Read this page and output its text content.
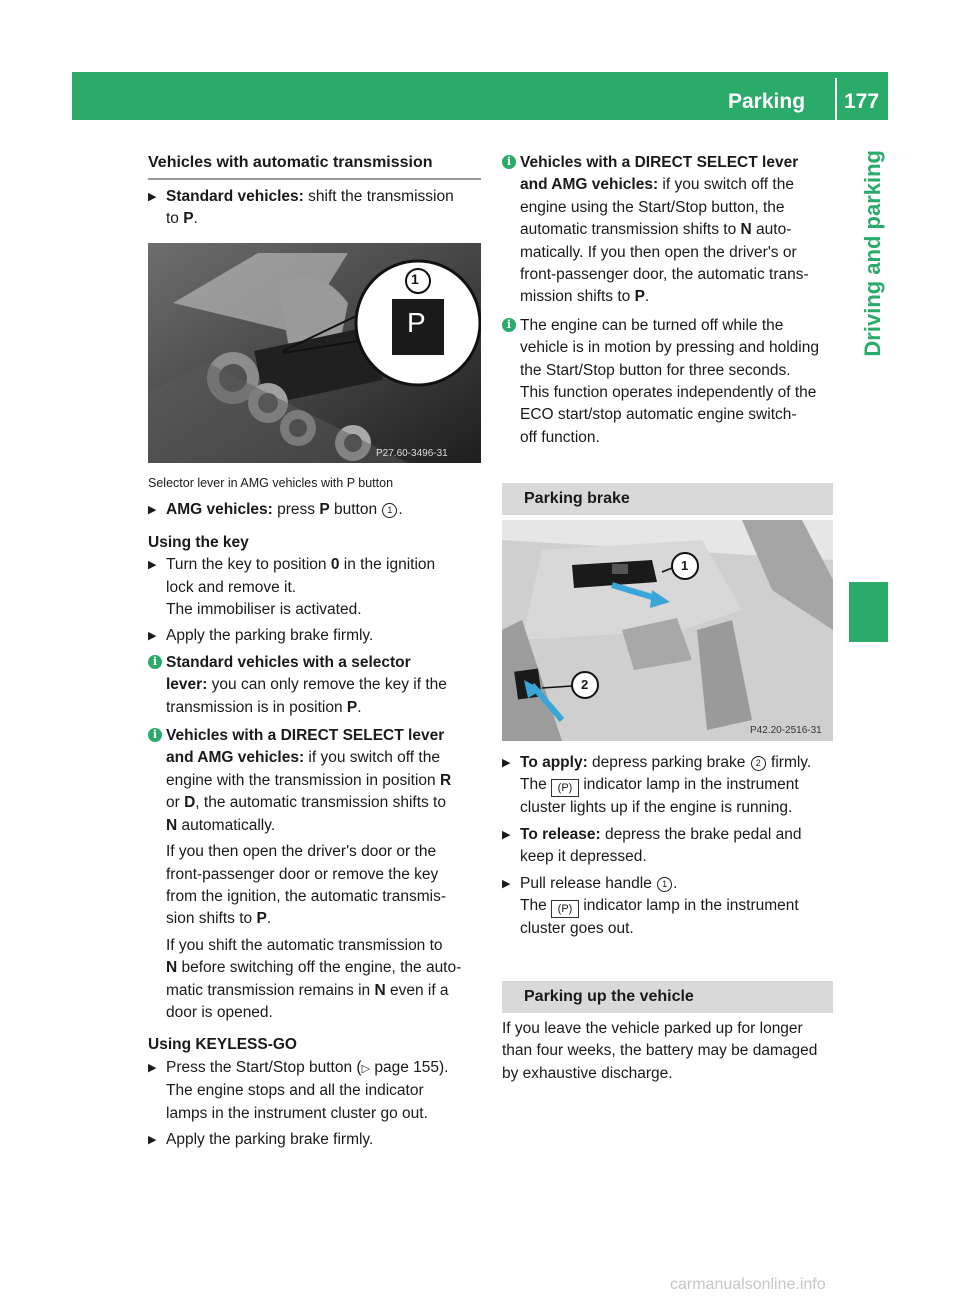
Parking 177
Driving and parking

Vehicles with automatic transmission

▶ Standard vehicles: shift the transmission

to P.

1
P
P27.60-3496-31

Selector lever in AMG vehicles with P button

▶ AMG vehicles: press P button 1 .

Using the key

▶ Turn the key to position 0 in the ignition

lock and remove it.

The immobiliser is activated.

▶ Apply the parking brake firmly.

i Standard vehicles with a selector

lever: you can only remove the key if the

transmission is in position P.

i Vehicles with a DIRECT SELECT lever

and AMG vehicles: if you switch off the

engine with the transmission in position R

or D, the automatic transmission shifts to

N automatically.

If you then open the driver's door or the

front-passenger door or remove the key

from the ignition, the automatic transmis-

sion shifts to P.

If you shift the automatic transmission to

N before switching off the engine, the auto-

matic transmission remains in N even if a

door is opened.

Using KEYLESS-GO

▶ Press the Start/Stop button (▷ page 155).

The engine stops and all the indicator

lamps in the instrument cluster go out.

▶ Apply the parking brake firmly.

i Vehicles with a DIRECT SELECT lever

and AMG vehicles: if you switch off the

engine using the Start/Stop button, the

automatic transmission shifts to N auto-

matically. If you then open the driver's or

front-passenger door, the automatic trans-

mission shifts to P.

i The engine can be turned off while the

vehicle is in motion by pressing and holding

the Start/Stop button for three seconds.

This function operates independently of the

ECO start/stop automatic engine switch-

off function.

Parking brake
1
2
P42.20-2516-31
▶ To apply: depress parking brake 2 firmly.

The (P) indicator lamp in the instrument

cluster lights up if the engine is running.

▶ To release: depress the brake pedal and

keep it depressed.

▶ Pull release handle 1 .

The (P) indicator lamp in the instrument

cluster goes out.

Parking up the vehicle

If you leave the vehicle parked up for longer

than four weeks, the battery may be damaged

by exhaustive discharge.

carmanualsonline.info
